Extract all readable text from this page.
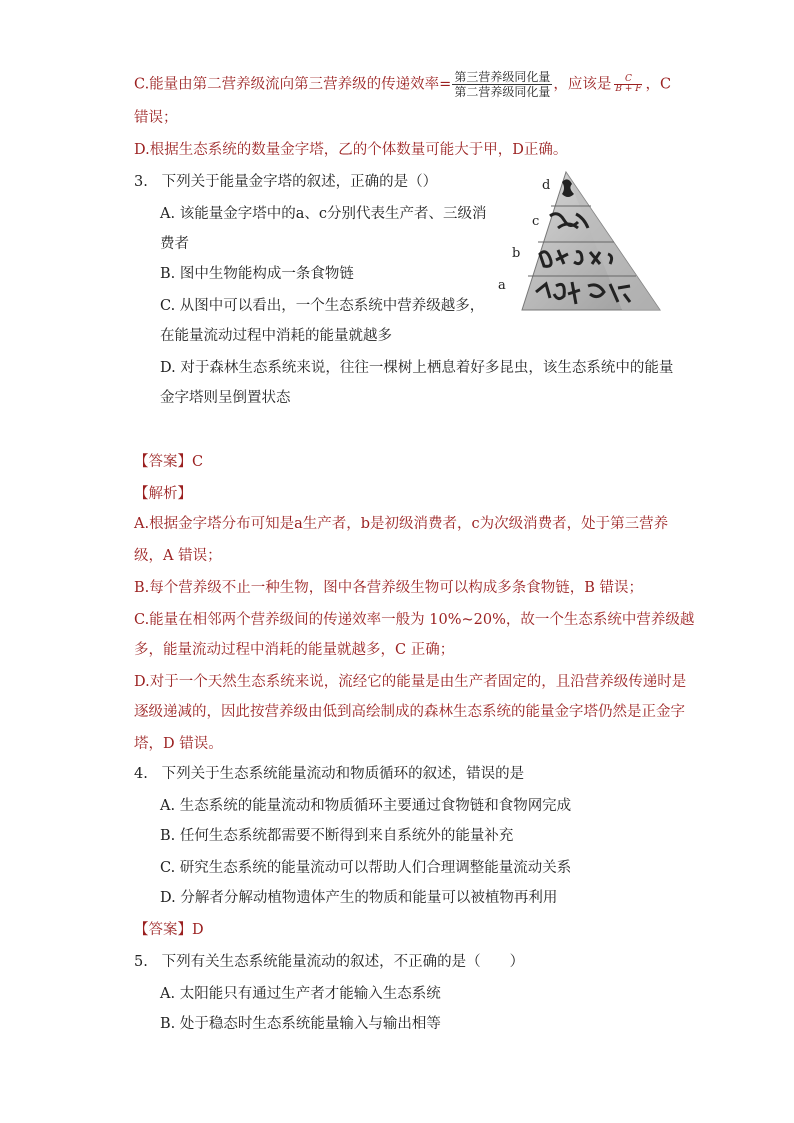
C.能量由第二营养级流向第三营养级的传递效率= $\frac{\text{第三营养级同化量}}{\text{第二营养级同化量}}$ ，应该是 $\frac{C}{B + F}$ ，C
错误；
D.根据生态系统的数量金字塔，乙的个体数量可能大于甲，D正确。
3. 下列关于能量金字塔的叙述，正确的是（）
A. 该能量金字塔中的a、c分别代表生产者、三级消
费者
B. 图中生物能构成一条食物链
C. 从图中可以看出，一个生态系统中营养级越多，
在能量流动过程中消耗的能量就越多
D. 对于森林生态系统来说，往往一棵树上栖息着好多昆虫，该生态系统中的能量
金字塔则呈倒置状态
d
c
b
a
【答案】C
【解析】
A.根据金字塔分布可知是a生产者，b是初级消费者，c为次级消费者，处于第三营养
级，A 错误；
B.每个营养级不止一种生物，图中各营养级生物可以构成多条食物链，B 错误；
C.能量在相邻两个营养级间的传递效率一般为 10%~20%，故一个生态系统中营养级越
多，能量流动过程中消耗的能量就越多，C 正确；
D.对于一个天然生态系统来说，流经它的能量是由生产者固定的，且沿营养级传递时是
逐级递减的，因此按营养级由低到高绘制成的森林生态系统的能量金字塔仍然是正金字
塔，D 错误。
4. 下列关于生态系统能量流动和物质循环的叙述，错误的是
A. 生态系统的能量流动和物质循环主要通过食物链和食物网完成
B. 任何生态系统都需要不断得到来自系统外的能量补充
C. 研究生态系统的能量流动可以帮助人们合理调整能量流动关系
D. 分解者分解动植物遗体产生的物质和能量可以被植物再利用
【答案】D
5. 下列有关生态系统能量流动的叙述，不正确的是（　　）
A. 太阳能只有通过生产者才能输入生态系统
B. 处于稳态时生态系统能量输入与输出相等
